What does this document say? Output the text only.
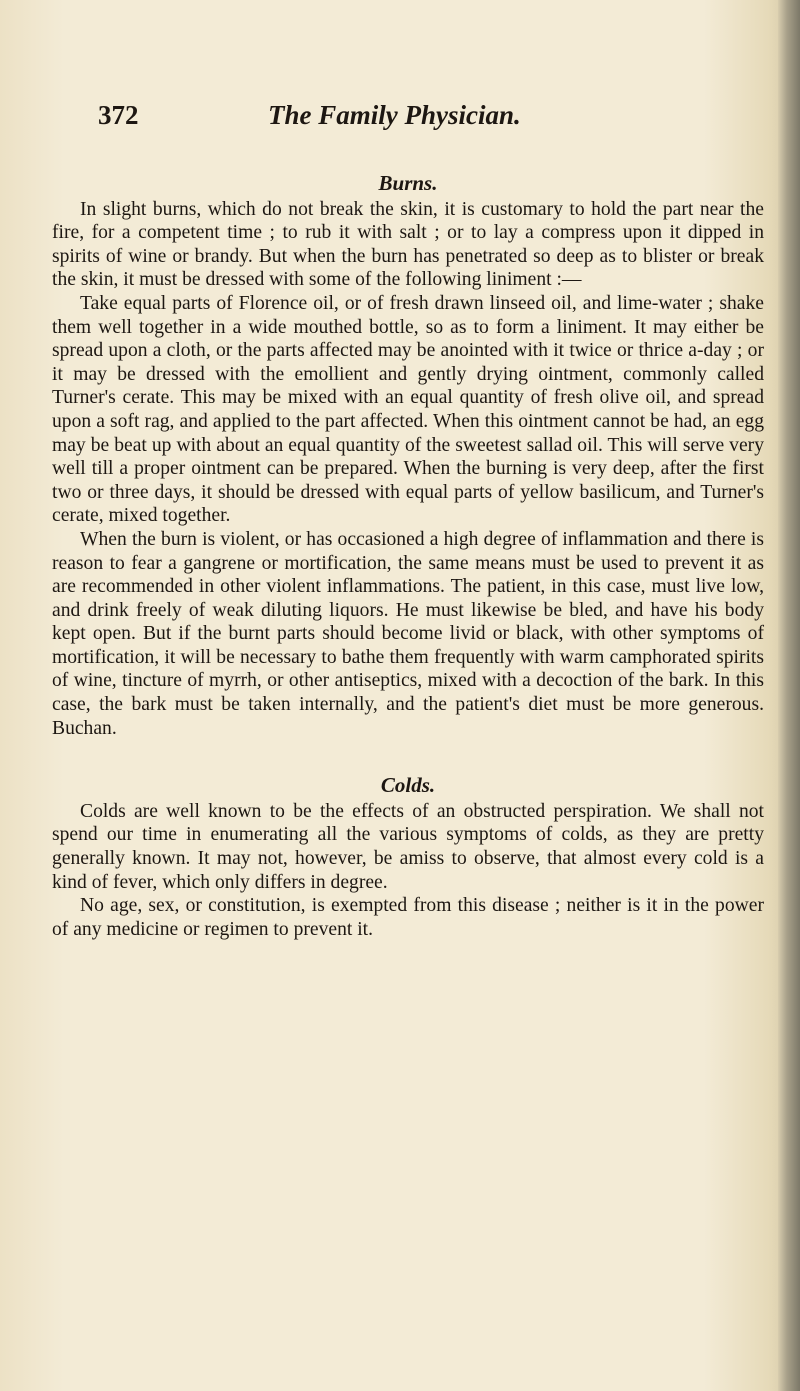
372	The Family Physician.

Burns.

In slight burns, which do not break the skin, it is customary to hold the part near the fire, for a competent time ; to rub it with salt ; or to lay a compress upon it dipped in spirits of wine or brandy. But when the burn has penetrated so deep as to blister or break the skin, it must be dressed with some of the following liniment :—

Take equal parts of Florence oil, or of fresh drawn linseed oil, and lime-water ; shake them well together in a wide mouthed bottle, so as to form a liniment. It may either be spread upon a cloth, or the parts affected may be anointed with it twice or thrice a-day ; or it may be dressed with the emollient and gently drying ointment, commonly called Turner's cerate. This may be mixed with an equal quantity of fresh olive oil, and spread upon a soft rag, and applied to the part affected. When this ointment cannot be had, an egg may be beat up with about an equal quantity of the sweetest sallad oil. This will serve very well till a proper ointment can be prepared. When the burning is very deep, after the first two or three days, it should be dressed with equal parts of yellow basilicum, and Turner's cerate, mixed together.

When the burn is violent, or has occasioned a high degree of inflammation and there is reason to fear a gangrene or mortification, the same means must be used to prevent it as are recommended in other violent inflammations. The patient, in this case, must live low, and drink freely of weak diluting liquors. He must likewise be bled, and have his body kept open. But if the burnt parts should become livid or black, with other symptoms of mortification, it will be necessary to bathe them frequently with warm camphorated spirits of wine, tincture of myrrh, or other antiseptics, mixed with a decoction of the bark. In this case, the bark must be taken internally, and the patient's diet must be more generous. Buchan.

Colds.

Colds are well known to be the effects of an obstructed perspiration. We shall not spend our time in enumerating all the various symptoms of colds, as they are pretty generally known. It may not, however, be amiss to observe, that almost every cold is a kind of fever, which only differs in degree.

No age, sex, or constitution, is exempted from this disease ; neither is it in the power of any medicine or regimen to prevent it.
